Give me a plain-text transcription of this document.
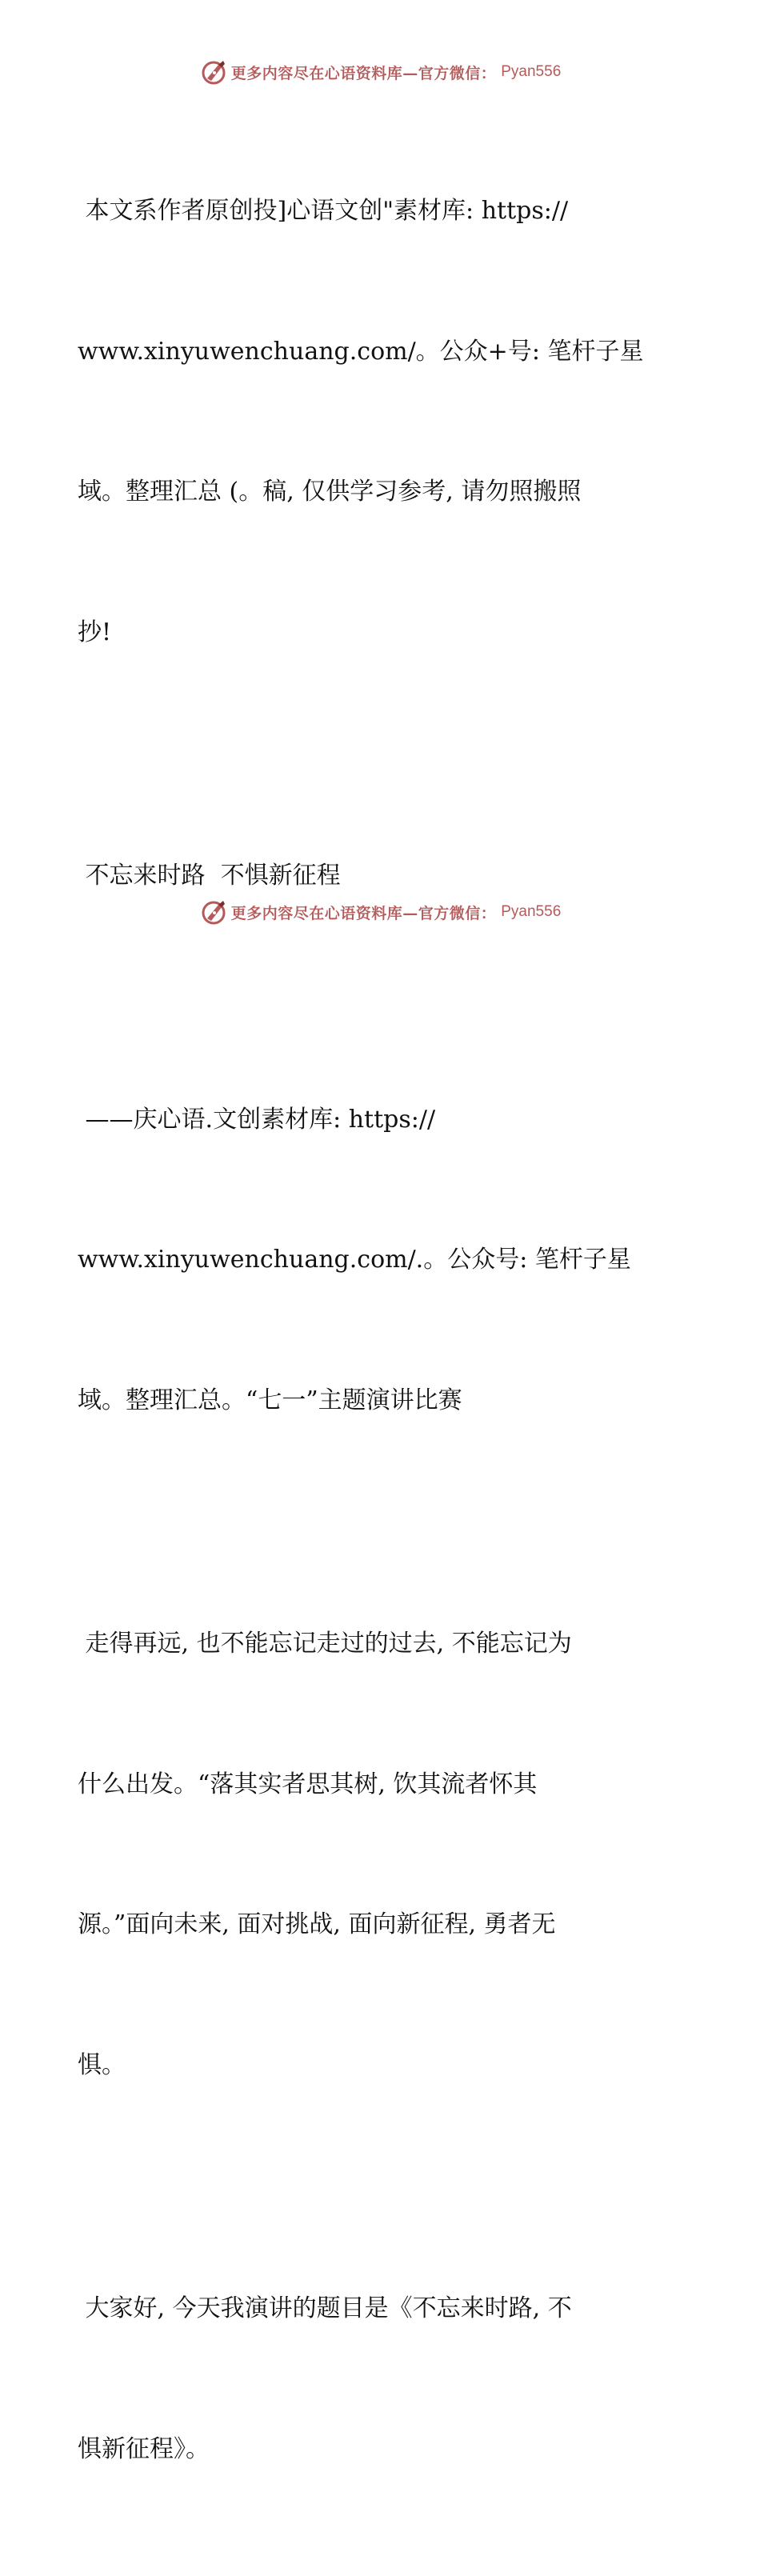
更多内容尽在心语资料库—官方微信： Pyan556

本文系作者原创投]心语文创"素材库: https://

www.xinyuwenchuang.com/。公众+号: 笔杆子星

域。整理汇总 (。稿, 仅供学习参考, 请勿照搬照

抄!

不忘来时路  不惧新征程

——庆心语.文创素材库: https://

www.xinyuwenchuang.com/.。公众号: 笔杆子星

域。整理汇总。“七一”主题演讲比赛

走得再远, 也不能忘记走过的过去, 不能忘记为

什么出发。“落其实者思其树, 饮其流者怀其

源。”面向未来, 面对挑战, 面向新征程, 勇者无

惧。

大家好, 今天我演讲的题目是《不忘来时路, 不

惧新征程》。

更多内容尽在心语资料库—官方微信： Pyan556
